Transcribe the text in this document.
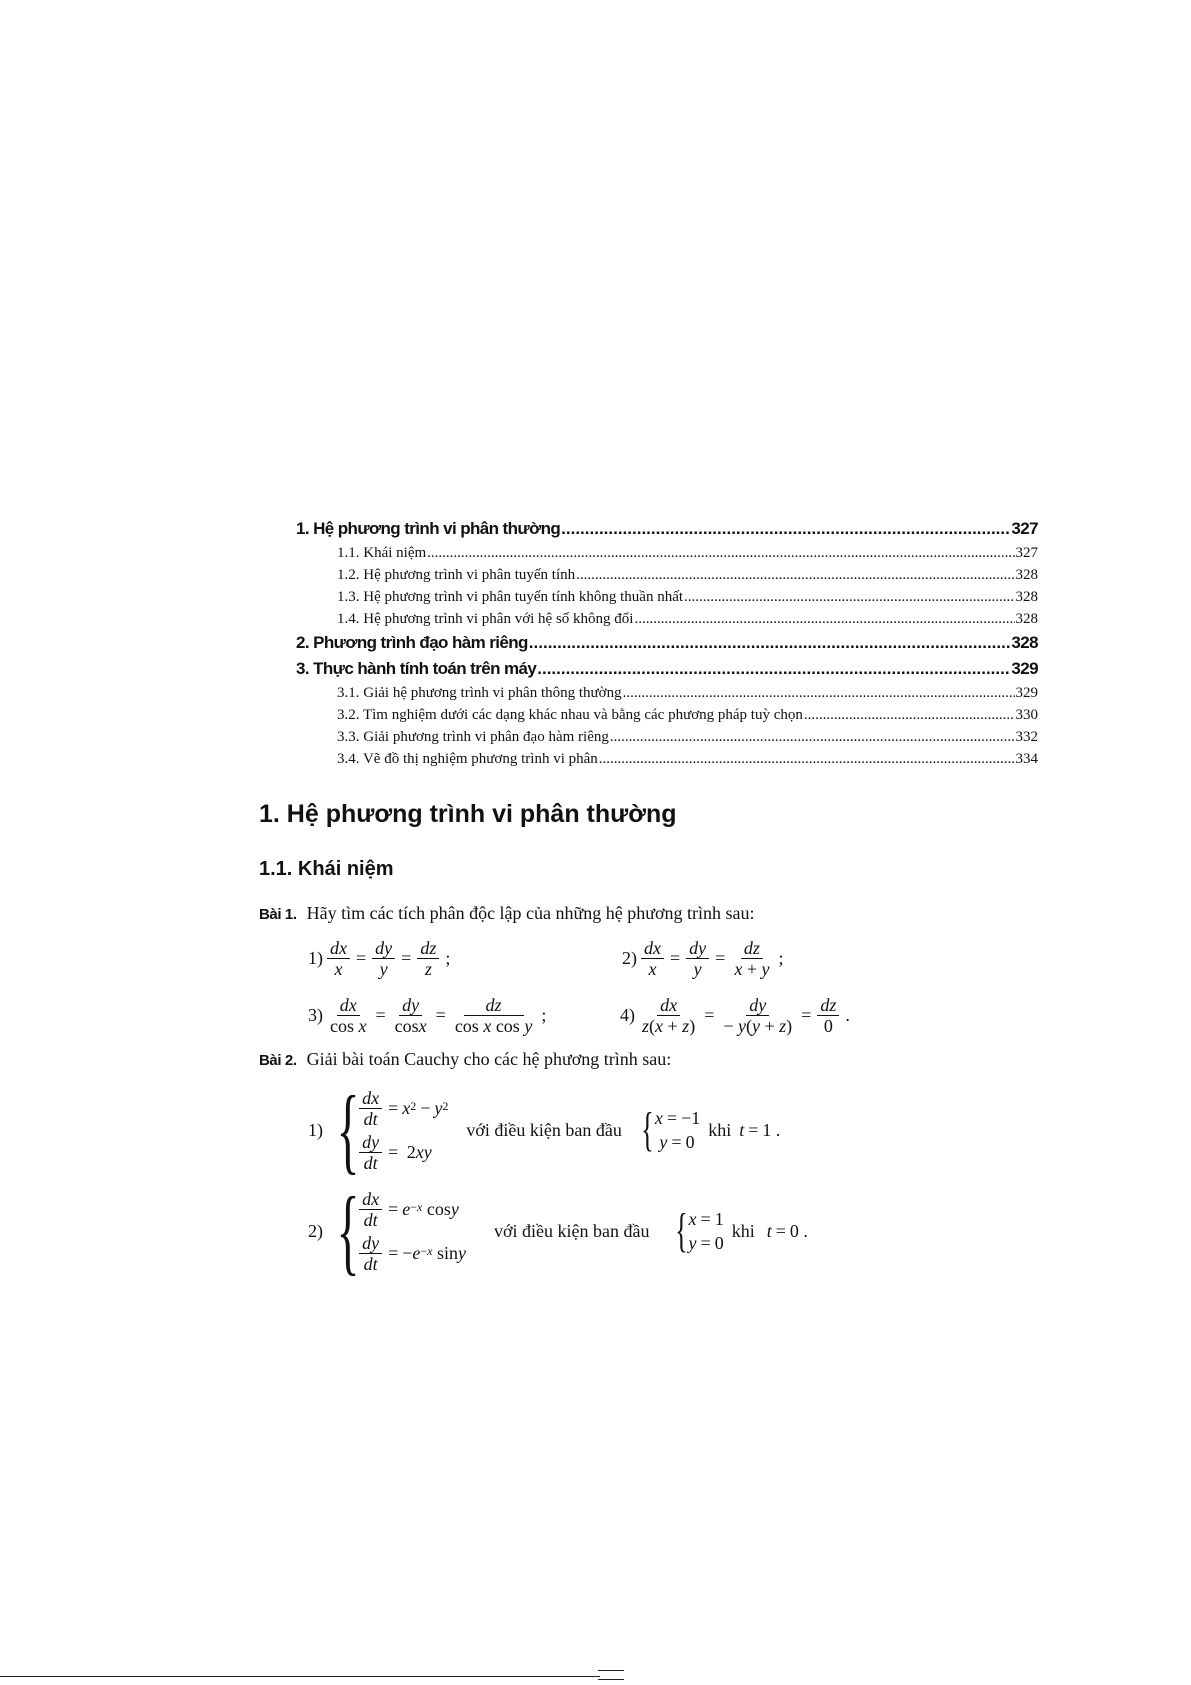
1. Hệ phương trình vi phân thường .....	327
1.1. Khái niệm .....	327
1.2. Hệ phương trình vi phân tuyến tính .....	328
1.3. Hệ phương trình vi phân tuyến tính không thuần nhất .....	328
1.4. Hệ phương trình vi phân với hệ số không đổi .....	328
2. Phương trình đạo hàm riêng .....	328
3. Thực hành tính toán trên máy .....	329
3.1. Giải hệ phương trình vi phân thông thường .....	329
3.2. Tìm nghiệm dưới các dạng khác nhau và bằng các phương pháp tuỳ chọn .....	330
3.3. Giải phương trình vi phân đạo hàm riêng .....	332
3.4. Vẽ đồ thị nghiệm phương trình vi phân .....	334
1. Hệ phương trình vi phân thường
1.1. Khái niệm
Bài 1. Hãy tìm các tích phân độc lập của những hệ phương trình sau:
$1) \frac{dx}{x} = \frac{dy}{y} = \frac{dz}{z}$ ;	$2) \frac{dx}{x} = \frac{dy}{y} = \frac{dz}{x + y}$ ;
$3) \frac{dx}{\text{cos x}} = \frac{dy}{\cos x} = \frac{dz}{\text{cos x cos y}}$ ;	$4) \frac{dx}{z(x + z)} = \frac{dy}{- y(y + z)} = \frac{dz}{0}$ .
Bài 2. Giải bài toán Cauchy cho các hệ phương trình sau:
1) { $\frac{dx}{dt} = x^2 - y^2$
$\frac{dy}{dt} = 2$ xy
với điều kiện ban đầu { x = −1

y = 0
khi t = 1 .
2) { $\frac{dx}{dt} = e^{-x}$ cos y
$\frac{dy}{dt}$ = − $e^{-x}$ sin y
với điều kiện ban đầu { x = 1
y = 0
khi t = 0 .
